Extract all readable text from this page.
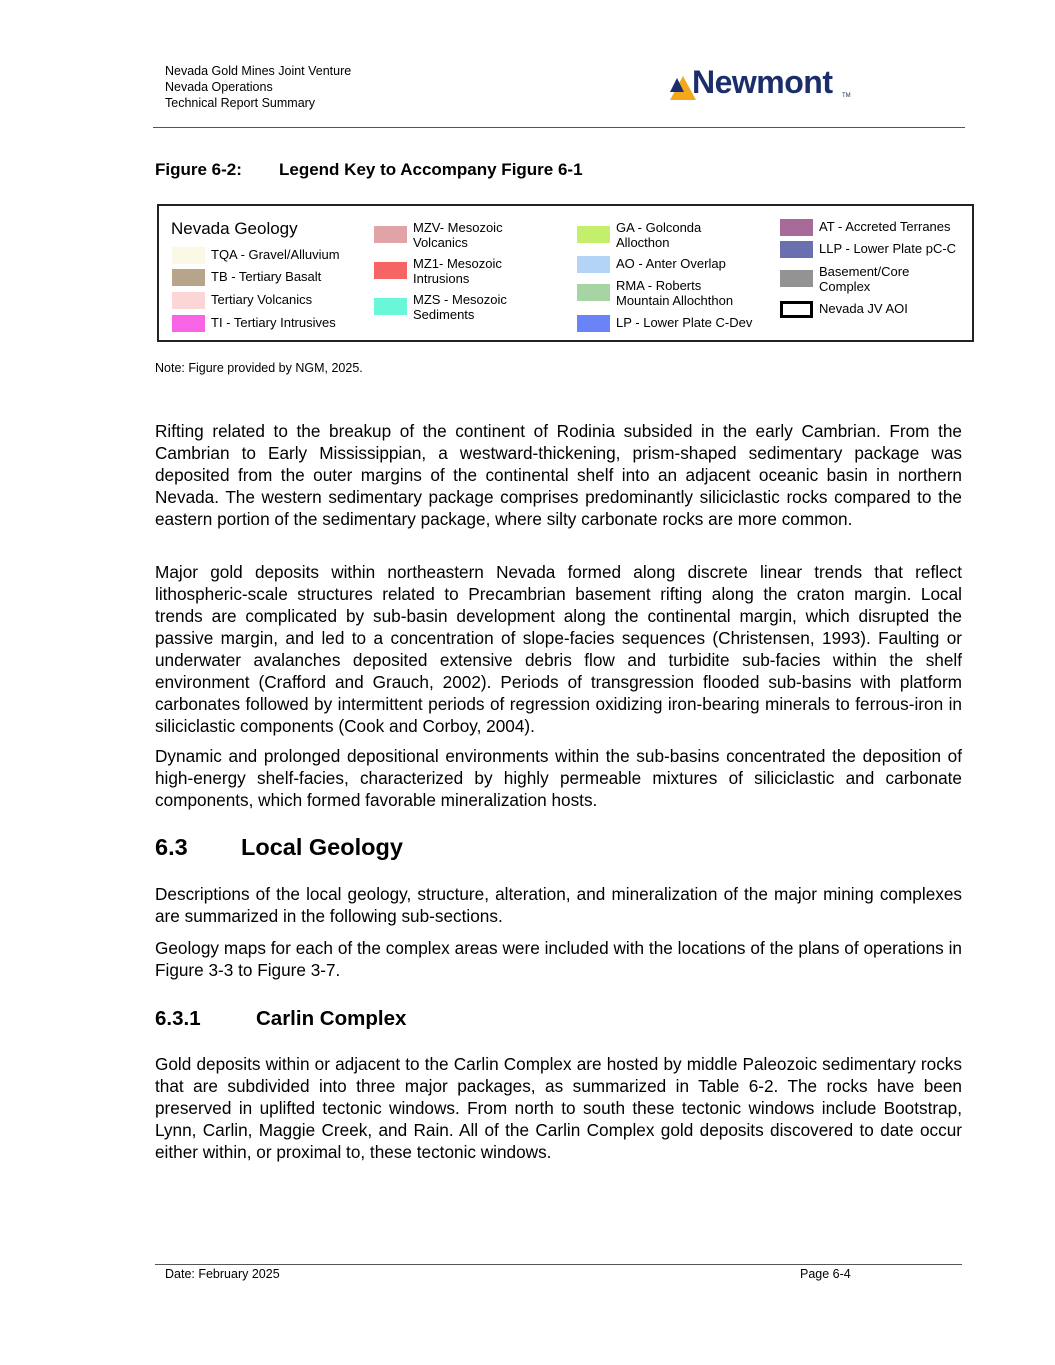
Nevada Gold Mines Joint Venture
Nevada Operations
Technical Report Summary
Newmont TM
Figure 6-2: Legend Key to Accompany Figure 6-1
Nevada Geology
TQA - Gravel/Alluvium
TB - Tertiary Basalt
Tertiary Volcanics
TI - Tertiary Intrusives
MZV- Mesozoic
Volcanics
MZ1- Mesozoic
Intrusions
MZS - Mesozoic
Sediments
GA - Golconda
Allocthon
AO - Anter Overlap
RMA - Roberts
Mountain Allochthon
LP - Lower Plate C-Dev
AT - Accreted Terranes
LLP - Lower Plate pC-C
Basement/Core
Complex
Nevada JV AOI
Note: Figure provided by NGM, 2025.

Rifting related to the breakup of the continent of Rodinia subsided in the early Cambrian. From the Cambrian to Early Mississippian, a westward-thickening, prism-shaped sedimentary package was deposited from the outer margins of the continental shelf into an adjacent oceanic basin in northern Nevada. The western sedimentary package comprises predominantly siliciclastic rocks compared to the eastern portion of the sedimentary package, where silty carbonate rocks are more common.

Major gold deposits within northeastern Nevada formed along discrete linear trends that reflect lithospheric-scale structures related to Precambrian basement rifting along the craton margin. Local trends are complicated by sub-basin development along the continental margin, which disrupted the passive margin, and led to a concentration of slope-facies sequences (Christensen, 1993). Faulting or underwater avalanches deposited extensive debris flow and turbidite sub-facies within the shelf environment (Crafford and Grauch, 2002). Periods of transgression flooded sub-basins with platform carbonates followed by intermittent periods of regression oxidizing iron-bearing minerals to ferrous-iron in siliciclastic components (Cook and Corboy, 2004).

Dynamic and prolonged depositional environments within the sub-basins concentrated the deposition of high-energy shelf-facies, characterized by highly permeable mixtures of siliciclastic and carbonate components, which formed favorable mineralization hosts.

6.3 Local Geology

Descriptions of the local geology, structure, alteration, and mineralization of the major mining complexes are summarized in the following sub-sections.

Geology maps for each of the complex areas were included with the locations of the plans of operations in Figure 3-3 to Figure 3-7.

6.3.1	Carlin Complex

Gold deposits within or adjacent to the Carlin Complex are hosted by middle Paleozoic sedimentary rocks that are subdivided into three major packages, as summarized in Table 6-2. The rocks have been preserved in uplifted tectonic windows. From north to south these tectonic windows include Bootstrap, Lynn, Carlin, Maggie Creek, and Rain. All of the Carlin Complex gold deposits discovered to date occur either within, or proximal to, these tectonic windows.

Date: February 2025	Page 6-4
